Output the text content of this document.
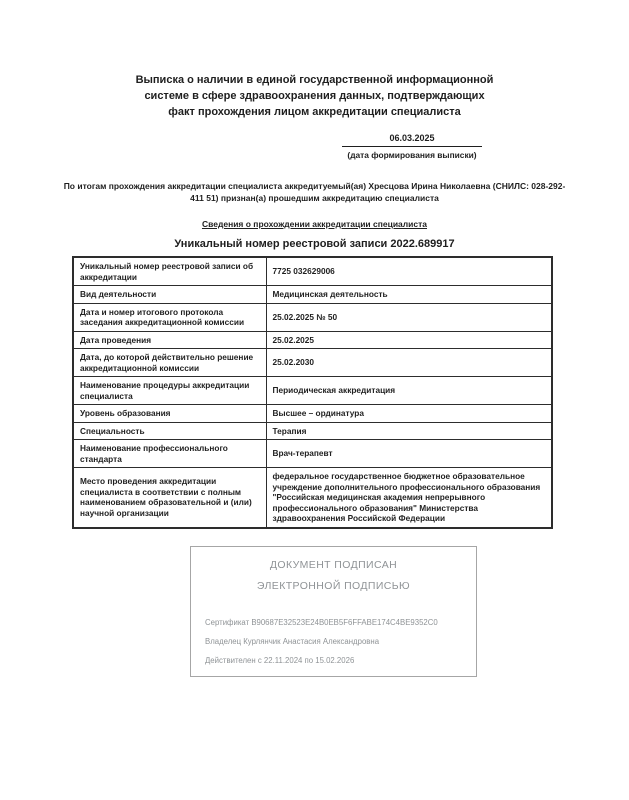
Выписка о наличии в единой государственной информационной системе в сфере здравоохранения данных, подтверждающих факт прохождения лицом аккредитации специалиста
06.03.2025
(дата формирования выписки)
По итогам прохождения аккредитации специалиста аккредитуемый(ая) Хресцова Ирина Николаевна (СНИЛС: 028-292-411 51) признан(а) прошедшим аккредитацию специалиста
Сведения о прохождении аккредитации специалиста
Уникальный номер реестровой записи 2022.689917
Уникальный номер реестровой записи об аккредитации	7725 032629006
Вид деятельности	Медицинская деятельность
Дата и номер итогового протокола заседания аккредитационной комиссии	25.02.2025 № 50
Дата проведения	25.02.2025
Дата, до которой действительно решение аккредитационной комиссии	25.02.2030
Наименование процедуры аккредитации специалиста	Периодическая аккредитация
Уровень образования	Высшее – ординатура
Специальность	Терапия
Наименование профессионального стандарта	Врач-терапевт
Место проведения аккредитации специалиста в соответствии с полным наименованием образовательной и (или) научной организации	федеральное государственное бюджетное образовательное учреждение дополнительного профессионального образования "Российская медицинская академия непрерывного профессионального образования" Министерства здравоохранения Российской Федерации
ДОКУМЕНТ ПОДПИСАН
ЭЛЕКТРОННОЙ ПОДПИСЬЮ
Сертификат B90687E32523E24B0EB5F6FFABE174C4BE9352C0
Владелец Курлянчик Анастасия Александровна
Действителен с 22.11.2024 по 15.02.2026
